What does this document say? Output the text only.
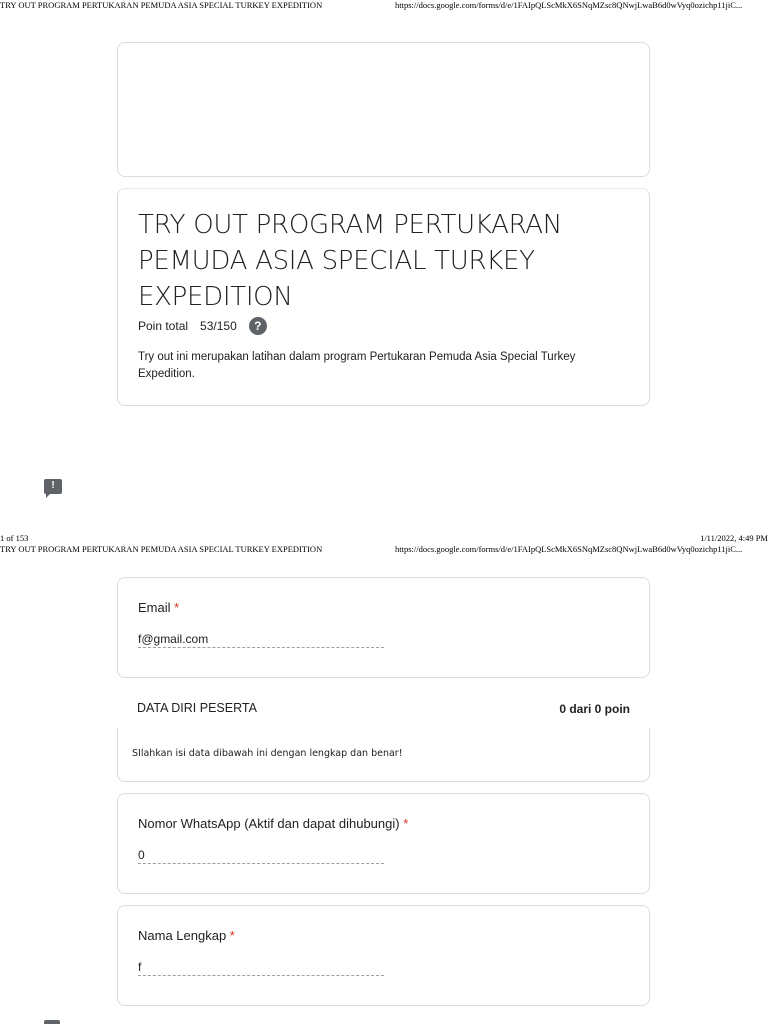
TRY OUT PROGRAM PERTUKARAN PEMUDA ASIA SPECIAL TURKEY EXPEDITION	https://docs.google.com/forms/d/e/1FAIpQLScMkX6SNqMZsc8QNwjLwaB6d0wVyq0ozichp11jiC...
TRY OUT PROGRAM PERTUKARAN PEMUDA ASIA SPECIAL TURKEY EXPEDITION
Poin total 53/150	?
Try out ini merupakan latihan dalam program Pertukaran Pemuda Asia Special Turkey Expedition.
!
1 of 153	1/11/2022, 4:49 PM
TRY OUT PROGRAM PERTUKARAN PEMUDA ASIA SPECIAL TURKEY EXPEDITION	https://docs.google.com/forms/d/e/1FAIpQLScMkX6SNqMZsc8QNwjLwaB6d0wVyq0ozichp11jiC...
Email *
f@gmail.com
DATA DIRI PESERTA	0 dari 0 poin
SIlahkan isi data dibawah ini dengan lengkap dan benar!
Nomor WhatsApp (Aktif dan dapat dihubungi) *
0
Nama Lengkap *
f
